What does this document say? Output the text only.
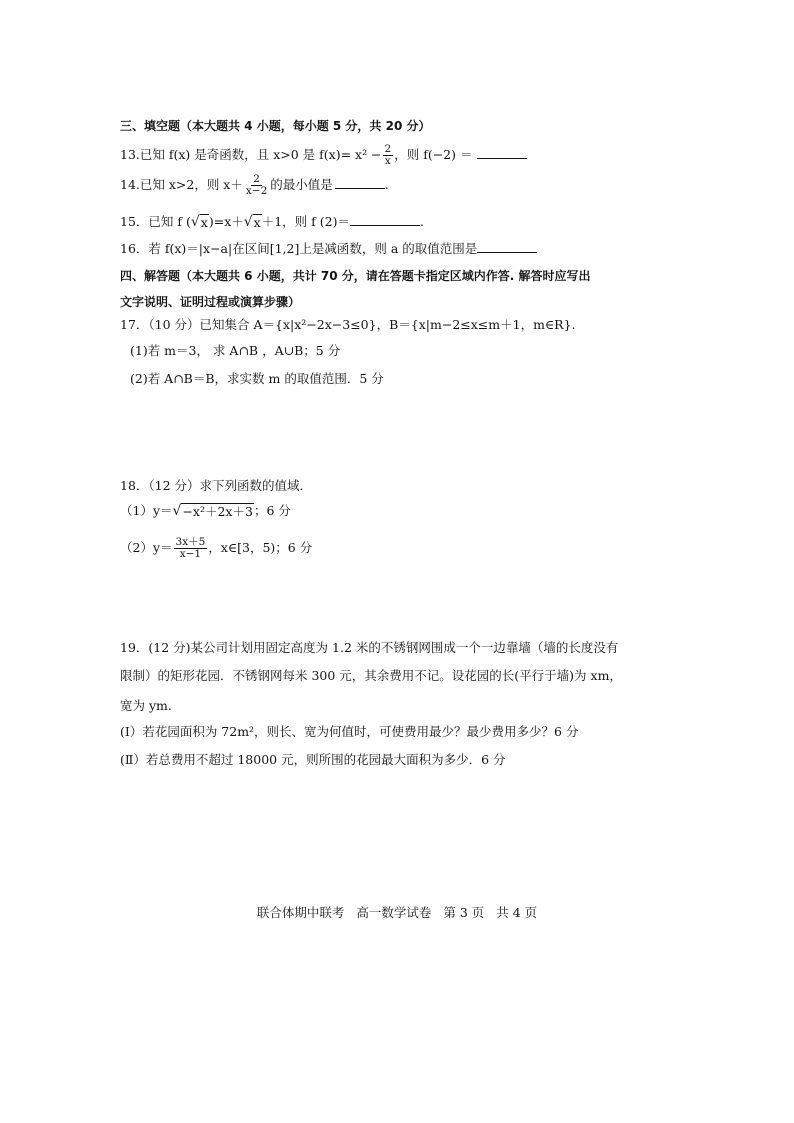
三、填空题（本大题共 4 小题，每小题 5 分，共 20 分）
13.已知 f(x) 是奇函数，且 x>0 是 $f(x)= x^2 - \frac{2}{x}$ ，则 f(−2) ＝
14.已知 x>2，则 $x+ \frac{2}{x-2}$ 的最小值是	.
15．已知 f ( √ x )=x＋ √ x ＋1，则 f (2)＝	.
16．若 f(x)＝|x−a|在区间[1,2]上是减函数，则 a 的取值范围是
四、解答题（本大题共 6 小题，共计 70 分，请在答题卡指定区域内作答. 解答时应写出
文字说明、证明过程或演算步骤）
17．（10 分）已知集合 A＝{x|x²−2x−3≤0}，B＝{x|m−2≤x≤m＋1，m∈R}.
(1)若 m＝3， 求 A∩B ，A∪B；5 分
(2)若 A∩B＝B，求实数 m 的取值范围．5 分
18．（12 分）求下列函数的值域．
（1）y＝ √ −x²＋2x＋3 ；6 分
$(2)y= \frac{3x+5}{x-1}$ ，x∈[3，5)；6 分
19．(12 分)某公司计划用固定高度为 1.2 米的不锈钢网围成一个一边靠墙（墙的长度没有
限制）的矩形花园．不锈钢网每米 300 元，其余费用不记。设花园的长(平行于墙)为 xm，
宽为 ym.
(Ⅰ）若花园面积为 72m²，则长、宽为何值时，可使费用最少？最少费用多少？6 分
(Ⅱ）若总费用不超过 18000 元，则所围的花园最大面积为多少．6 分
联合体期中联考 高一数学试卷 第 3 页 共 4 页
